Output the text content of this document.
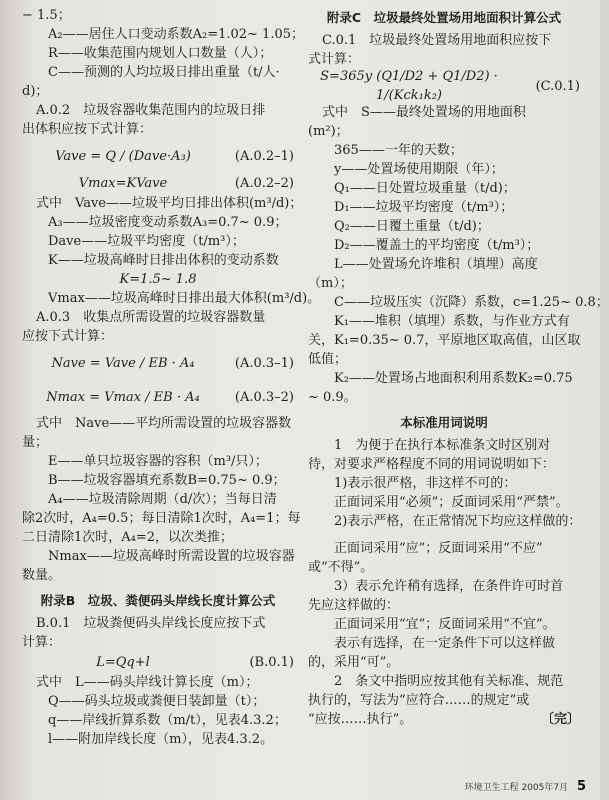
− 1.5；
A₂——居住人口变动系数A₂=1.02~ 1.05；
R——收集范围内规划人口数量（人）；
C——预测的人均垃圾日排出重量（t/人·
d)；
A.0.2　垃圾容器收集范围内的垃圾日排
出体积应按下式计算：
Vave = Q / (Dave·A₃)	(A.0.2–1)
Vmax=KVave	(A.0.2–2)
式中　Vave——垃圾平均日排出体积(m³/d)；
A₃——垃圾密度变动系数A₃=0.7~ 0.9；
Dave——垃圾平均密度（t/m³）；
K——垃圾高峰时日排出体积的变动系数
K=1.5~ 1.8
Vmax——垃圾高峰时日排出最大体积(m³/d)。
A.0.3　收集点所需设置的垃圾容器数量
应按下式计算：
Nave = Vave / EB · A₄	(A.0.3–1)
Nmax = Vmax / EB · A₄	(A.0.3–2)
式中　Nave——平均所需设置的垃圾容器数
量；
E——单只垃圾容器的容积（m³/只）；
B——垃圾容器填充系数B=0.75~ 0.9；
A₄——垃圾清除周期（d/次）；当每日清
除2次时，A₄=0.5；每日清除1次时，A₄=1；每
二日清除1次时，A₄=2，以次类推；
Nmax——垃圾高峰时所需设置的垃圾容器
数量。
附录B　垃圾、粪便码头岸线长度计算公式
B.0.1　垃圾粪便码头岸线长度应按下式
计算：
L=Qq+l	(B.0.1)
式中　L——码头岸线计算长度（m）；
Q——码头垃圾或粪便日装卸量（t）；
q——岸线折算系数（m/t），见表4.3.2；
l——附加岸线长度（m），见表4.3.2。
附录C　垃圾最终处置场用地面积计算公式
C.0.1　垃圾最终处置场用地面积应按下
式计算：
S=365y (Q1/D2 + Q1/D2) · 1/(Kck₁k₂)
(C.0.1)
式中　S——最终处置场的用地面积
(m²)；
365——一年的天数；
y——处置场使用期限（年）；
Q₁——日处置垃圾重量（t/d)；
D₁——垃圾平均密度（t/m³）；
Q₂——日覆土重量（t/d)；
D₂——覆盖土的平均密度（t/m³）；
L——处置场允许堆积（填埋）高度
（m）；
C——垃圾压实（沉降）系数，c=1.25~ 0.8；
K₁——堆积（填埋）系数，与作业方式有
关，K₁=0.35~ 0.7，平原地区取高值，山区取
低值；
K₂——处置场占地面积利用系数K₂=0.75
~ 0.9。
本标准用词说明
1　为便于在执行本标准条文时区别对
待，对要求严格程度不同的用词说明如下：
1)表示很严格，非这样不可的：
正面词采用“必须”；反面词采用“严禁”。
2)表示严格，在正常情况下均应这样做的：
正面词采用“应”；反面词采用“不应”
或“不得”。
3）表示允许稍有选择，在条件许可时首
先应这样做的：
正面词采用“宜”；反面词采用“不宜”。
表示有选择，在一定条件下可以这样做
的，采用“可”。
2　条文中指明应按其他有关标准、规范
执行的，写法为“应符合……的规定”或
“应按……执行”。	〔完〕
环境卫生工程 2005年7月 5
